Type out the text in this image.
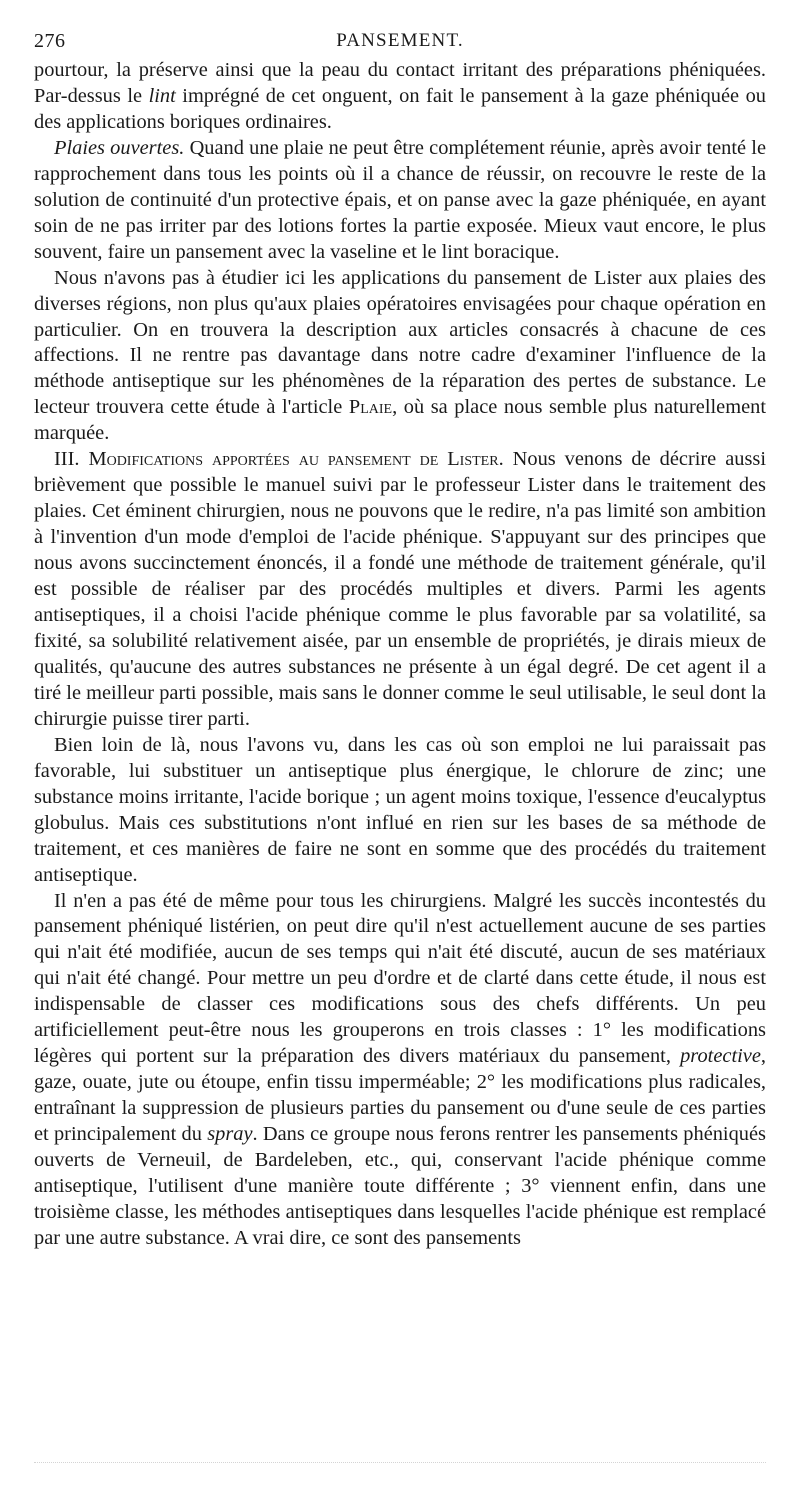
276	PANSEMENT.

pourtour, la préserve ainsi que la peau du contact irritant des préparations phéniquées. Par-dessus le lint imprégné de cet onguent, on fait le pansement à la gaze phéniquée ou des applications boriques ordinaires.

Plaies ouvertes. Quand une plaie ne peut être complétement réunie, après avoir tenté le rapprochement dans tous les points où il a chance de réussir, on recouvre le reste de la solution de continuité d'un protective épais, et on panse avec la gaze phéniquée, en ayant soin de ne pas irriter par des lotions fortes la partie exposée. Mieux vaut encore, le plus souvent, faire un pansement avec la vaseline et le lint boracique.

Nous n'avons pas à étudier ici les applications du pansement de Lister aux plaies des diverses régions, non plus qu'aux plaies opératoires envisagées pour chaque opération en particulier. On en trouvera la description aux articles consacrés à chacune de ces affections. Il ne rentre pas davantage dans notre cadre d'examiner l'influence de la méthode antiseptique sur les phénomènes de la réparation des pertes de substance. Le lecteur trouvera cette étude à l'article Plaie, où sa place nous semble plus naturellement marquée.

III. Modifications apportées au pansement de Lister. Nous venons de décrire aussi brièvement que possible le manuel suivi par le professeur Lister dans le traitement des plaies. Cet éminent chirurgien, nous ne pouvons que le redire, n'a pas limité son ambition à l'invention d'un mode d'emploi de l'acide phénique. S'appuyant sur des principes que nous avons succinctement énoncés, il a fondé une méthode de traitement générale, qu'il est possible de réaliser par des procédés multiples et divers. Parmi les agents antiseptiques, il a choisi l'acide phénique comme le plus favorable par sa volatilité, sa fixité, sa solubilité relativement aisée, par un ensemble de propriétés, je dirais mieux de qualités, qu'aucune des autres substances ne présente à un égal degré. De cet agent il a tiré le meilleur parti possible, mais sans le donner comme le seul utilisable, le seul dont la chirurgie puisse tirer parti.

Bien loin de là, nous l'avons vu, dans les cas où son emploi ne lui paraissait pas favorable, lui substituer un antiseptique plus énergique, le chlorure de zinc; une substance moins irritante, l'acide borique ; un agent moins toxique, l'essence d'eucalyptus globulus. Mais ces substitutions n'ont influé en rien sur les bases de sa méthode de traitement, et ces manières de faire ne sont en somme que des procédés du traitement antiseptique.

Il n'en a pas été de même pour tous les chirurgiens. Malgré les succès incontestés du pansement phéniqué listérien, on peut dire qu'il n'est actuellement aucune de ses parties qui n'ait été modifiée, aucun de ses temps qui n'ait été discuté, aucun de ses matériaux qui n'ait été changé. Pour mettre un peu d'ordre et de clarté dans cette étude, il nous est indispensable de classer ces modifications sous des chefs différents. Un peu artificiellement peut-être nous les grouperons en trois classes : 1° les modifications légères qui portent sur la préparation des divers matériaux du pansement, protective, gaze, ouate, jute ou étoupe, enfin tissu imperméable; 2° les modifications plus radicales, entraînant la suppression de plusieurs parties du pansement ou d'une seule de ces parties et principalement du spray. Dans ce groupe nous ferons rentrer les pansements phéniqués ouverts de Verneuil, de Bardeleben, etc., qui, conservant l'acide phénique comme antiseptique, l'utilisent d'une manière toute différente ; 3° viennent enfin, dans une troisième classe, les méthodes antiseptiques dans lesquelles l'acide phénique est remplacé par une autre substance. A vrai dire, ce sont des pansements
